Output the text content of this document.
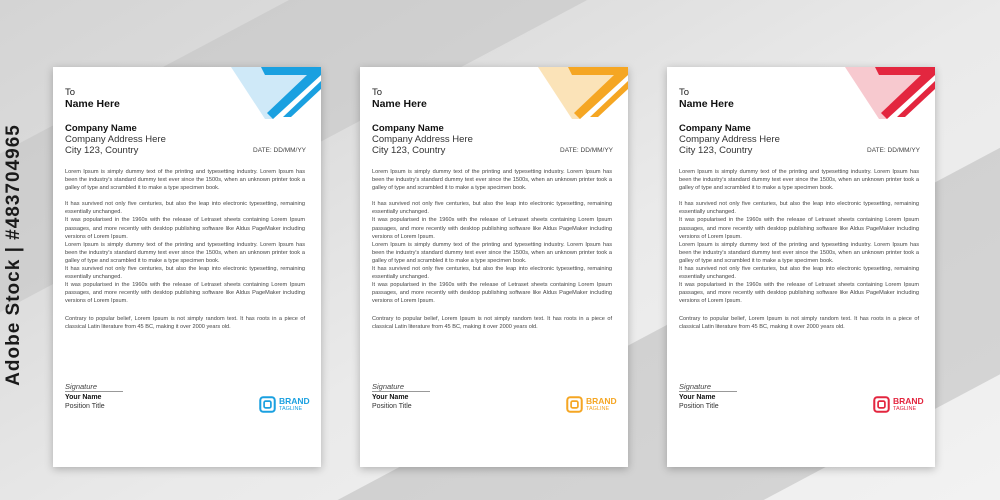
Adobe Stock | #483704965
To
Name Here
Company Name
Company Address Here
City 123, Country	DATE: DD/MM/YY

Lorem Ipsum is simply dummy text of the printing and typesetting industry. Lorem Ipsum has been the industry's standard dummy text ever since the 1500s, when an unknown printer took a galley of type and scrambled it to make a type specimen book.

It has survived not only five centuries, but also the leap into electronic typesetting, remaining essentially unchanged.

It was popularised in the 1960s with the release of Letraset sheets containing Lorem Ipsum passages, and more recently with desktop publishing software like Aldus PageMaker including versions of Lorem Ipsum.

Lorem Ipsum is simply dummy text of the printing and typesetting industry. Lorem Ipsum has been the industry's standard dummy text ever since the 1500s, when an unknown printer took a galley of type and scrambled it to make a type specimen book.

It has survived not only five centuries, but also the leap into electronic typesetting, remaining essentially unchanged.

It was popularised in the 1960s with the release of Letraset sheets containing Lorem Ipsum passages, and more recently with desktop publishing software like Aldus PageMaker including versions of Lorem Ipsum.

Contrary to popular belief, Lorem Ipsum is not simply random text. It has roots in a piece of classical Latin literature from 45 BC, making it over 2000 years old.

Signature
Your Name
Position Title
BRAND
TAGLINE
To
Name Here
Company Name
Company Address Here
City 123, Country	DATE: DD/MM/YY

Lorem Ipsum is simply dummy text of the printing and typesetting industry. Lorem Ipsum has been the industry's standard dummy text ever since the 1500s, when an unknown printer took a galley of type and scrambled it to make a type specimen book.

It has survived not only five centuries, but also the leap into electronic typesetting, remaining essentially unchanged.

It was popularised in the 1960s with the release of Letraset sheets containing Lorem Ipsum passages, and more recently with desktop publishing software like Aldus PageMaker including versions of Lorem Ipsum.

Lorem Ipsum is simply dummy text of the printing and typesetting industry. Lorem Ipsum has been the industry's standard dummy text ever since the 1500s, when an unknown printer took a galley of type and scrambled it to make a type specimen book.

It has survived not only five centuries, but also the leap into electronic typesetting, remaining essentially unchanged.

It was popularised in the 1960s with the release of Letraset sheets containing Lorem Ipsum passages, and more recently with desktop publishing software like Aldus PageMaker including versions of Lorem Ipsum.

Contrary to popular belief, Lorem Ipsum is not simply random text. It has roots in a piece of classical Latin literature from 45 BC, making it over 2000 years old.

Signature
Your Name
Position Title
BRAND
TAGLINE
To
Name Here
Company Name
Company Address Here
City 123, Country	DATE: DD/MM/YY

Lorem Ipsum is simply dummy text of the printing and typesetting industry. Lorem Ipsum has been the industry's standard dummy text ever since the 1500s, when an unknown printer took a galley of type and scrambled it to make a type specimen book.

It has survived not only five centuries, but also the leap into electronic typesetting, remaining essentially unchanged.

It was popularised in the 1960s with the release of Letraset sheets containing Lorem Ipsum passages, and more recently with desktop publishing software like Aldus PageMaker including versions of Lorem Ipsum.

Lorem Ipsum is simply dummy text of the printing and typesetting industry. Lorem Ipsum has been the industry's standard dummy text ever since the 1500s, when an unknown printer took a galley of type and scrambled it to make a type specimen book.

It has survived not only five centuries, but also the leap into electronic typesetting, remaining essentially unchanged.

It was popularised in the 1960s with the release of Letraset sheets containing Lorem Ipsum passages, and more recently with desktop publishing software like Aldus PageMaker including versions of Lorem Ipsum.

Contrary to popular belief, Lorem Ipsum is not simply random text. It has roots in a piece of classical Latin literature from 45 BC, making it over 2000 years old.

Signature
Your Name
Position Title
BRAND
TAGLINE
